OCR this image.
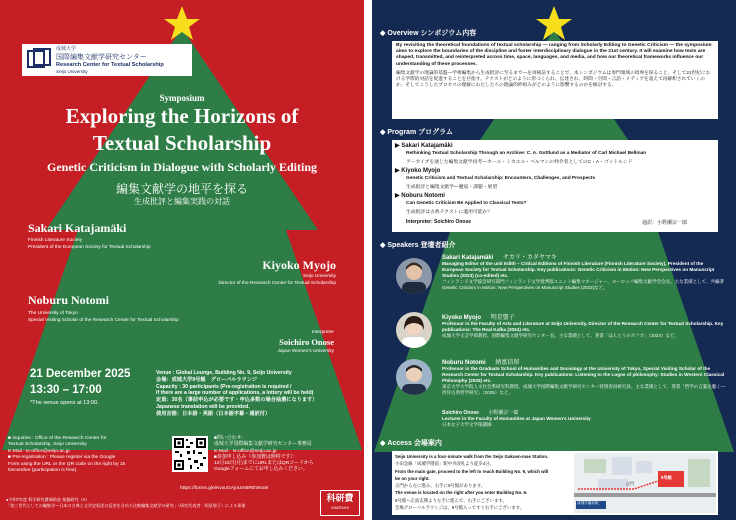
成城大学
国際編集文献学研究センター
Research Center for Textual Scholarship
Seijo University
Symposium
Exploring the Horizons of
Textual Scholarship
Genetic Criticism in Dialogue with Scholarly Editing
編集文献学の地平を探る
生成批評と編集実践の対話
Sakari Katajamäki
Finnish Literature Society
President of the European Society for Textual Scholarship
Kiyoko Myojo
Seijo University
Director of the Research Center for Textual Scholarship
Noburu Notomi
The University of Tokyo
Special Visiting Scholar of the Research Center for Textual Scholarship
Interpreter
Soichiro Onose
Japan Women's University
21 December 2025
13:30 – 17:00
*The venue opens at 13:00.
Venue : Global Lounge, Building No. 9, Seijo University
会場：成城大学9号館　グローバルラウンジ
Capacity : 30 participants (Pre-registration is required /
If there are a large number of applications, a lottery will be held)
定員：30名（事前申込が必要です・申込多数の場合抽選になります）
Japanese translation will be provided.
使用言語：日本語・英語（日本語字幕・通訳付）
■ Inquiries : Office of the Research Center for
Textual Scholarship, Seijo University
E-Mail : ts-office@seijo.ac.jp
■ Pre-registration : Please register via the Google
Form using the URL or the QR code on the right by 15
December (participation is free).
■問い合わせ：
成城大学国際編集文献学研究センター事務局
E-Mail：ts-office@seijo.ac.jp
■参加申し込み（参加費は無料です）：
12月15日(月)までにURLまたはQRコードから
Googleフォームにてお申し込みください。
https://forms.gle/KvxuGAjoUmBREWoo6
●令和7年度 科学研究費補助金 基盤研究（A）
「第三世代としての編集学―日本の古典と文学史叙述の反省を含めた比較編集文献学の研究」（研究代表者：明星聖子）による事業
科研費
KAKENHI
◆ Overview シンポジウム内容
By revisiting the theoretical foundations of textual scholarship — ranging from Scholarly Editing to Genetic Criticism — the symposium aims to explore the boundaries of the discipline and foster interdisciplinary dialogue in the 21st century. It will examine how texts are shaped, transmitted, and reinterpreted across time, space, languages, and media, and how our theoretical frameworks influence our understanding of these processes.
編集文献学の理論的基盤―学術編集から生成批評に至るまで―を再検証することで、本シンポジウムは専門領域の境界を探ること、そして21世紀における学際的対話を促進することを目指す。テクストがどのように形づくられ、伝達され、時間・空間・言語・メディアを超えて再解釈されていくのか、そしてこうしたプロセスの理解にわたしたちの理論的枠組みがどのように影響するのかを検討する。
◆ Program プログラム
▶ Sakari Katajamäki
Rethinking Textual Scholarship Through an Archive: C. A. Gottlund as a Mediator of Carl Michael Bellman
アーカイブを通じた編集文献学再考―カール・ミカエル・ベルマンの仲介者としてのC・A・ゴットルンド
▶ Kiyoko Myojo
Genetic Criticism and Textual Scholarship: Encounters, Challenges, and Prospects
生成批評と編集文献学―邂逅・課題・展望
▶ Noburu Notomi
Can Genetic Criticism Be Applied to Classical Texts?
生成批評は古典テクストに適用可能か？
Interpreter: Soichiro Onose	通訳：小野瀬宗一郎
◆ Speakers 登壇者紹介
Sakari Katajamäki サカリ・カタヤマキ
Managing Editor of the unit Edith – Critical Editions of Finnish Literature (Finnish Literature Society), President of the European Society for Textual Scholarship. Key publications: Genetic Criticism in Motion: New Perspectives on Manuscript Studies (2023) (co-edited) etc.
フィンランド文学協会研究部門フィンランド文学批判版ユニット編集マネージャー、ヨーロッパ編集文献学会会長。主な業績として、共編著Genetic Criticism in Motion: New Perspectives on Manuscript Studies (2023)など。
Kiyoko Myojo 明星聖子
Professor in the Faculty of Arts and Literature at Seijo University, Director of the Research Center for Textual Scholarship. Key publications: The Real Kafka (2024) etc.
成城大学文芸学部教授、国際編集文献学研究センター長。主な業績として、著書「ほんとうのカフカ」（2024）など。
Noburu Notomi 納富信留
Professor in the Graduate School of Humanities and Sociology at the University of Tokyo, Special Visiting Scholar of the Research Center for Textual Scholarship. Key publications: Listening to the Logos of philosophy: Studies in Western Classical Philosophy (2025) etc.
東京大学大学院人文社会系研究科教授、成城大学国際編集文献学研究センター特別客員研究員。主な業績として、著書「哲学の言葉を聴く―西洋古典哲学研究」（2025）など。
Soichiro Onose 小野瀬宗一郎
Lecturer in the Faculty of Humanities at Japan Women's University
日本女子大学文学部講師
◆ Access 会場案内
Seijo University is a four-minute walk from the Seijo Gakuen-mae Station.
小田急線「成城学園前」駅中央改札より徒歩4分。
From the main gate, proceed to the left to reach Building No. 9, which will
be on your right.
正門から左に進み、右手に9号館があります。
The venue is located on the right after you enter Building No. 9.
9号館へ正面玄関より左手に進んで、右手にございます。
会場グローバルラウンジは、9号館入ってすぐ右手にございます。
成城学園前駅
正門
9号館
